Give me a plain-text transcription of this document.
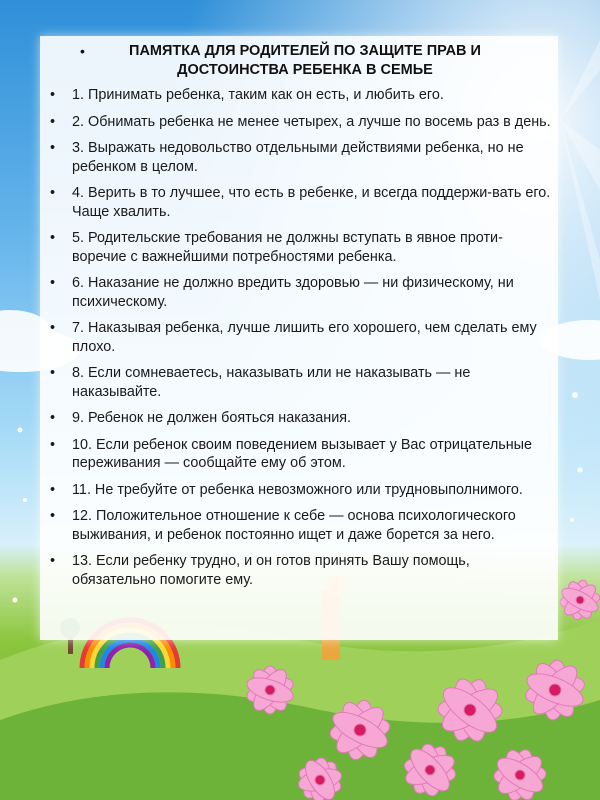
•	ПАМЯТКА ДЛЯ РОДИТЕЛЕЙ ПО ЗАЩИТЕ ПРАВ И ДОСТОИНСТВА РЕБЕНКА В СЕМЬЕ
•	1. Принимать ребенка, таким как он есть, и любить его.
•	2. Обнимать ребенка не менее четырех, а лучше по восемь раз в день.
•	3. Выражать недовольство отдельными действиями ребенка, но не ребенком в целом.
•	4. Верить в то лучшее, что есть в ребенке, и всегда поддержи-вать его. Чаще хвалить.
•	5. Родительские требования не должны вступать в явное проти-воречие с важнейшими потребностями ребенка.
•	6. Наказание не должно вредить здоровью — ни физическому, ни психическому.
•	7. Наказывая ребенка, лучше лишить его хорошего, чем сделать ему плохо.
•	8. Если сомневаетесь, наказывать или не наказывать — не наказывайте.
•	9. Ребенок не должен бояться наказания.
•	10. Если ребенок своим поведением вызывает у Вас отрицательные переживания — сообщайте ему об этом.
•	11. Не требуйте от ребенка невозможного или трудновыполнимого.
•	12. Положительное отношение к себе — основа психологического выживания, и ребенок постоянно ищет и даже борется за него.
•	13. Если ребенку трудно, и он готов принять Вашу помощь, обязательно помогите ему.
